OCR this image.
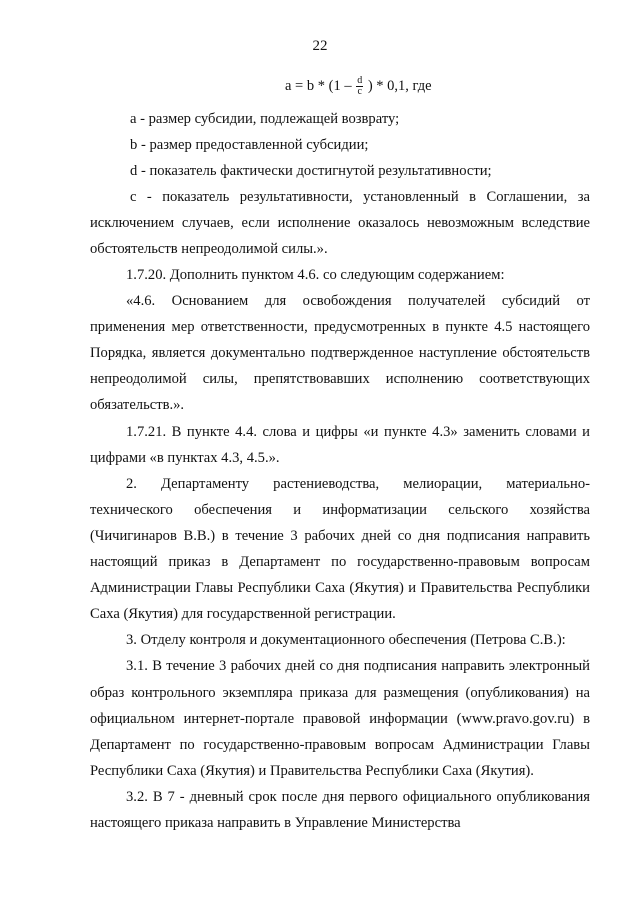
22
$a = b * (1 - \frac{d}{c}$ ) * 0,1, где

a - размер субсидии, подлежащей возврату;

b - размер предоставленной субсидии;

d - показатель фактически достигнутой результативности;

c - показатель результативности, установленный в Соглашении, за исключением случаев, если исполнение оказалось невозможным вследствие обстоятельств непреодолимой силы.».

1.7.20. Дополнить пунктом 4.6. со следующим содержанием:

«4.6. Основанием для освобождения получателей субсидий от применения мер ответственности, предусмотренных в пункте 4.5 настоящего Порядка, является документально подтвержденное наступление обстоятельств непреодолимой силы, препятствовавших исполнению соответствующих обязательств.».

1.7.21. В пункте 4.4. слова и цифры «и пункте 4.3» заменить словами и цифрами «в пунктах 4.3, 4.5.».

2. Департаменту растениеводства, мелиорации, материально-технического обеспечения и информатизации сельского хозяйства (Чичигинаров В.В.) в течение 3 рабочих дней со дня подписания направить настоящий приказ в Департамент по государственно-правовым вопросам Администрации Главы Республики Саха (Якутия) и Правительства Республики Саха (Якутия) для государственной регистрации.

3. Отделу контроля и документационного обеспечения (Петрова С.В.):

3.1. В течение 3 рабочих дней со дня подписания направить электронный образ контрольного экземпляра приказа для размещения (опубликования) на официальном интернет-портале правовой информации (www.pravo.gov.ru) в Департамент по государственно-правовым вопросам Администрации Главы Республики Саха (Якутия) и Правительства Республики Саха (Якутия).

3.2. В 7 - дневный срок после дня первого официального опубликования настоящего приказа направить в Управление Министерства
